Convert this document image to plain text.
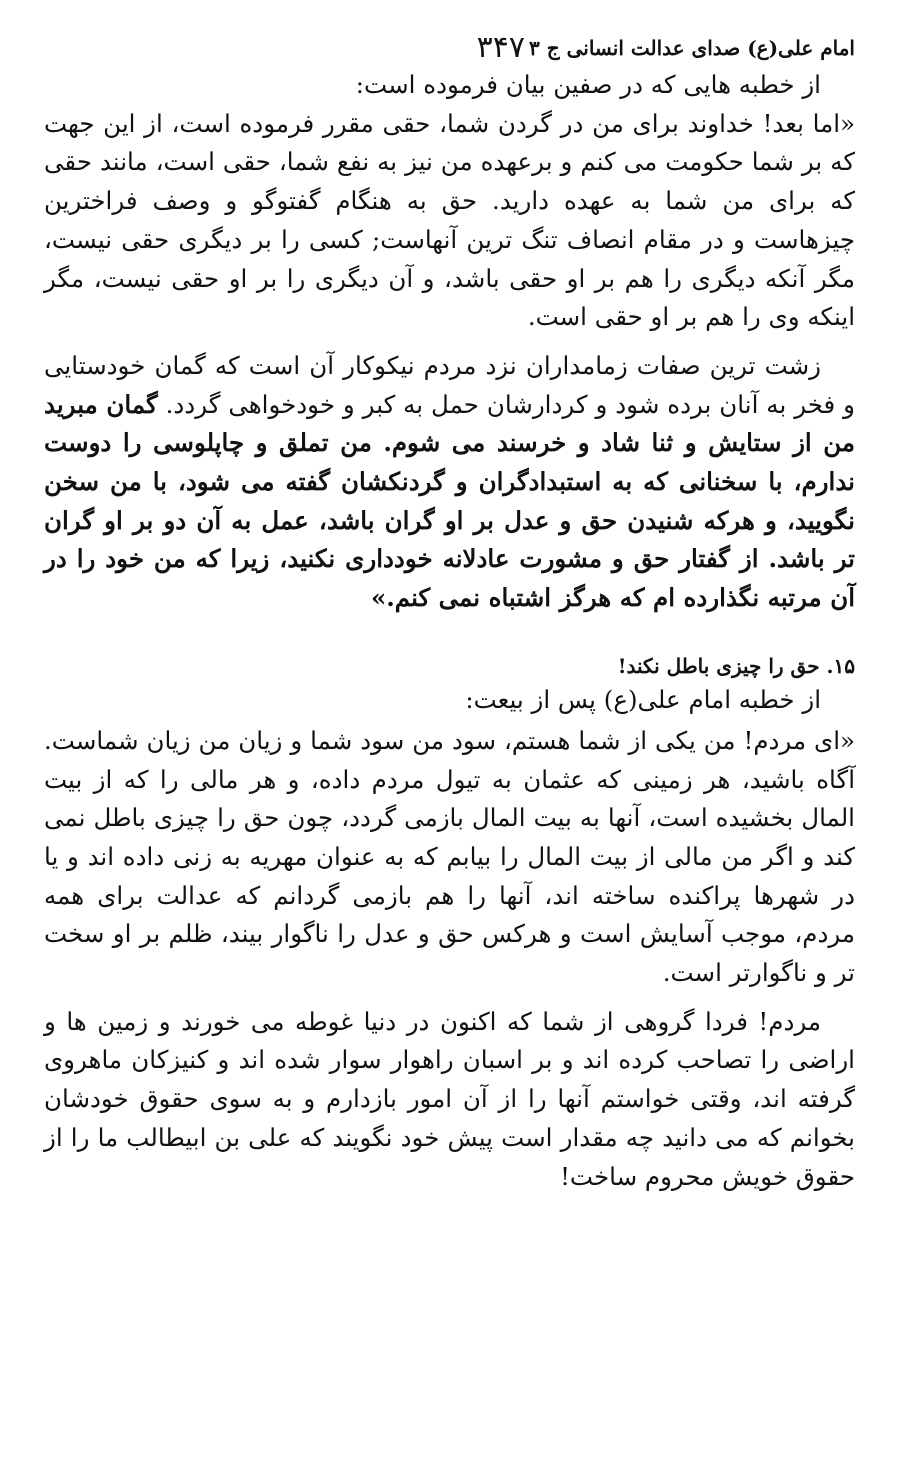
امام علی(ع) صدای عدالت انسانی ج ۳
۳۴۷

از خطبه هایی که در صفین بیان فرموده است:

«اما بعد! خداوند برای من در گردن شما، حقی مقرر فرموده است، از این جهت که بر شما حکومت می کنم و برعهده من نیز به نفع شما، حقی است، مانند حقی که برای من شما به عهده دارید. حق به هنگام گفتوگو و وصف فراخترین چیزهاست و در مقام انصاف تنگ ترین آنهاست; کسی را بر دیگری حقی نیست، مگر آنکه دیگری را هم بر او حقی باشد، و آن دیگری را بر او حقی نیست، مگر اینکه وی را هم بر او حقی است.

زشت ترین صفات زمامداران نزد مردم نیکوکار آن است که گمان خودستایی و فخر به آنان برده شود و کردارشان حمل به کبر و خودخواهی گردد. گمان مبرید من از ستایش و ثنا شاد و خرسند می شوم. من تملق و چاپلوسی را دوست ندارم، با سخنانی که به استبدادگران و گردنکشان گفته می شود، با من سخن نگویید، و هرکه شنیدن حق و عدل بر او گران باشد، عمل به آن دو بر او گران تر باشد. از گفتار حق و مشورت عادلانه خودداری نکنید، زیرا که من خود را در آن مرتبه نگذارده ام که هرگز اشتباه نمی کنم.»

۱۵. حق را چیزی باطل نکند!

از خطبه امام علی(ع) پس از بیعت:

«ای مردم! من یکی از شما هستم، سود من سود شما و زیان من زیان شماست. آگاه باشید، هر زمینی که عثمان به تیول مردم داده، و هر مالی را که از بیت المال بخشیده است، آنها به بیت المال بازمی گردد، چون حق را چیزی باطل نمی کند و اگر من مالی از بیت المال را بیابم که به عنوان مهریه به زنی داده اند و یا در شهرها پراکنده ساخته اند، آنها را هم بازمی گردانم که عدالت برای همه مردم، موجب آسایش است و هرکس حق و عدل را ناگوار بیند، ظلم بر او سخت تر و ناگوارتر است.

مردم! فردا گروهی از شما که اکنون در دنیا غوطه می خورند و زمین ها و اراضی را تصاحب کرده اند و بر اسبان راهوار سوار شده اند و کنیزکان ماهروی گرفته اند، وقتی خواستم آنها را از آن امور بازدارم و به سوی حقوق خودشان بخوانم که می دانید چه مقدار است پیش خود نگویند که علی بن ابیطالب ما را از حقوق خویش محروم ساخت!
